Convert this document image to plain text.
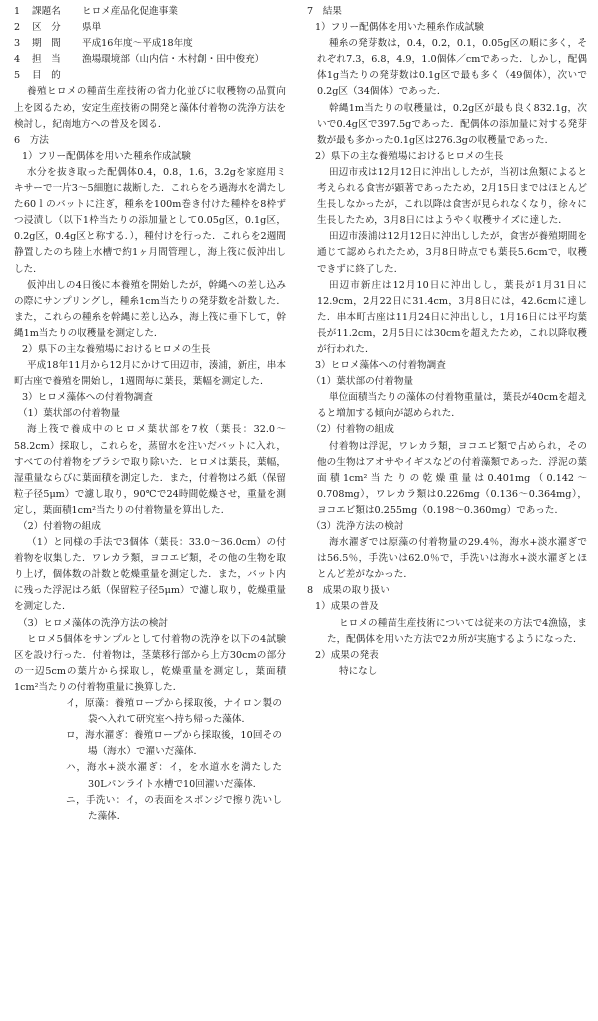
1 課題名 ヒロメ産品化促進事業

2 区　分 県単

3 期　間 平成16年度〜平成18年度

4 担　当 漁場環境部（山内信・木村創・田中俊充）

5 目　的

養殖ヒロメの種苗生産技術の省力化並びに収穫物の品質向上を図るため，安定生産技術の開発と藻体付着物の洗浄方法を検討し，紀南地方への普及を図る．

6　方法

1）フリー配偶体を用いた種糸作成試験

水分を抜き取った配偶体0.4，0.8，1.6，3.2gを家庭用ミキサーで一片3〜5細胞に裁断した．これらをろ過海水を満たした60ｌのバットに注ぎ，種糸を100m巻き付けた種枠を8枠ずつ浸漬し（以下1枠当たりの添加量として0.05g区，0.1g区，0.2g区，0.4g区と称する．），種付けを行った．これらを2週間静置したのち陸上水槽で約1ヶ月間管理し，海上筏に仮沖出しした．

仮沖出しの4日後に本養殖を開始したが，幹縄への差し込みの際にサンプリングし，種糸1cm当たりの発芽数を計数した．また，これらの種糸を幹縄に差し込み，海上筏に垂下して，幹縄1m当たりの収穫量を測定した．

2）県下の主な養殖場におけるヒロメの生長

平成18年11月から12月にかけて田辺市，湊浦，新庄，串本町古座で養殖を開始し，1週間毎に葉長，葉幅を測定した．

3）ヒロメ藻体への付着物調査

（1）葉状部の付着物量

海上筏で養成中のヒロメ葉状部を7枚（葉長：32.0〜58.2cm）採取し，これらを，蒸留水を注いだバットに入れ，すべての付着物をブラシで取り除いた．ヒロメは葉長，葉幅，湿重量ならびに葉面積を測定した．また，付着物はろ紙（保留粒子径5μm）で濾し取り，90℃で24時間乾燥させ，重量を測定し，葉面積1cm²当たりの付着物量を算出した．

（2）付着物の組成

（1）と同様の手法で3個体（葉長：33.0〜36.0cm）の付着物を収集した．ワレカラ類，ヨコエビ類，その他の生物を取り上げ，個体数の計数と乾燥重量を測定した．また，バット内に残った浮泥はろ紙（保留粒子径5μm）で濾し取り，乾燥重量を測定した．

（3）ヒロメ藻体の洗浄方法の検討

ヒロメ5個体をサンプルとして付着物の洗浄を以下の4試験区を設け行った．付着物は，茎葉移行部から上方30cmの部分の一辺5cmの葉片から採取し，乾燥重量を測定し，葉面積1cm²当たりの付着物重量に換算した．

イ，原藻：養殖ロープから採取後，ナイロン製の袋へ入れて研究室へ持ち帰った藻体．

ロ，海水濯ぎ：養殖ロープから採取後，10回その場（海水）で濯いだ藻体．

ハ，海水+淡水濯ぎ：イ，を水道水を満たした30Lパンライト水槽で10回濯いだ藻体．

ニ，手洗い：イ，の表面をスポンジで擦り洗いした藻体．

7　結果

1）フリー配偶体を用いた種糸作成試験

種糸の発芽数は，0.4，0.2，0.1，0.05g区の順に多く，それぞれ7.3，6.8，4.9，1.0個体／cmであった．しかし，配偶体1g当たりの発芽数は0.1g区で最も多く（49個体），次いで0.2g区（34個体）であった．

幹縄1m当たりの収穫量は，0.2g区が最も良く832.1g，次いで0.4g区で397.5gであった．配偶体の添加量に対する発芽数が最も多かった0.1g区は276.3gの収穫量であった．

2）県下の主な養殖場におけるヒロメの生長

田辺市戎は12月12日に沖出ししたが，当初は魚類によると考えられる食害が顕著であったため，2月15日まではほとんど生長しなかったが，これ以降は食害が見られなくなり，徐々に生長したため，3月8日にはようやく収穫サイズに達した．

田辺市湊浦は12月12日に沖出ししたが，食害が養殖期間を通じて認められたため，3月8日時点でも葉長5.6cmで，収穫できずに終了した．

田辺市新庄は12月10日に沖出しし，葉長が1月31日に12.9cm，2月22日に31.4cm，3月8日には，42.6cmに達した．串本町古座は11月24日に沖出しし，1月16日には平均葉長が11.2cm，2月5日には30cmを超えたため，これ以降収穫が行われた．

3）ヒロメ藻体への付着物調査

（1）葉状部の付着物量

単位面積当たりの藻体の付着物重量は，葉長が40cmを超えると増加する傾向が認められた．

（2）付着物の組成

付着物は浮泥，ワレカラ類，ヨコエビ類で占められ，その他の生物はアオサやイギスなどの付着藻類であった．浮泥の葉面積1cm²当たりの乾燥重量は0.401mg（0.142〜0.708mg），ワレカラ類は0.226mg（0.136〜0.364mg），ヨコエビ類は0.255mg（0.198〜0.360mg）であった．

（3）洗浄方法の検討

海水濯ぎでは原藻の付着物量の29.4％，海水+淡水濯ぎでは56.5％，手洗いは62.0％で，手洗いは海水+淡水濯ぎとほとんど差がなかった．

8　成果の取り扱い

1）成果の普及

ヒロメの種苗生産技術については従来の方法で4漁協，また，配偶体を用いた方法で2カ所が実施するようになった．

2）成果の発表

特になし
